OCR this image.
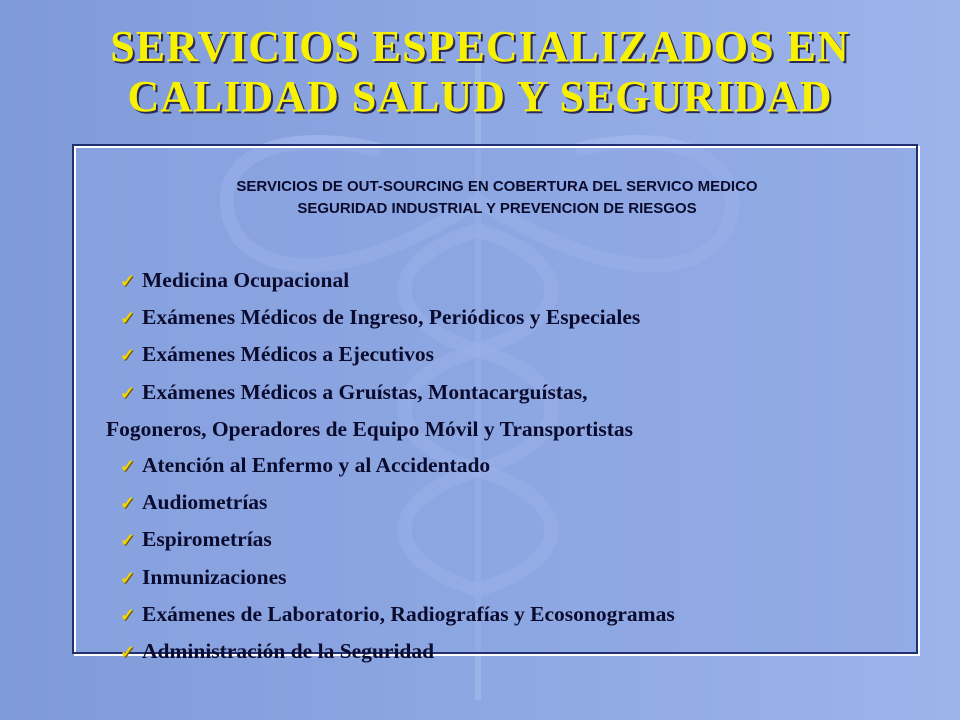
SERVICIOS ESPECIALIZADOS EN
CALIDAD SALUD Y SEGURIDAD
SERVICIOS DE OUT-SOURCING EN COBERTURA DEL SERVICO MEDICO
SEGURIDAD INDUSTRIAL Y PREVENCION DE RIESGOS
✓ Medicina Ocupacional
✓ Exámenes Médicos de Ingreso, Periódicos y Especiales
✓ Exámenes Médicos a Ejecutivos
✓ Exámenes Médicos a Gruístas, Montacarguístas,
Fogoneros, Operadores de Equipo Móvil y Transportistas
✓ Atención al Enfermo y al Accidentado
✓ Audiometrías
✓ Espirometrías
✓ Inmunizaciones
✓ Exámenes de Laboratorio, Radiografías y Ecosonogramas
✓ Administración de la Seguridad
